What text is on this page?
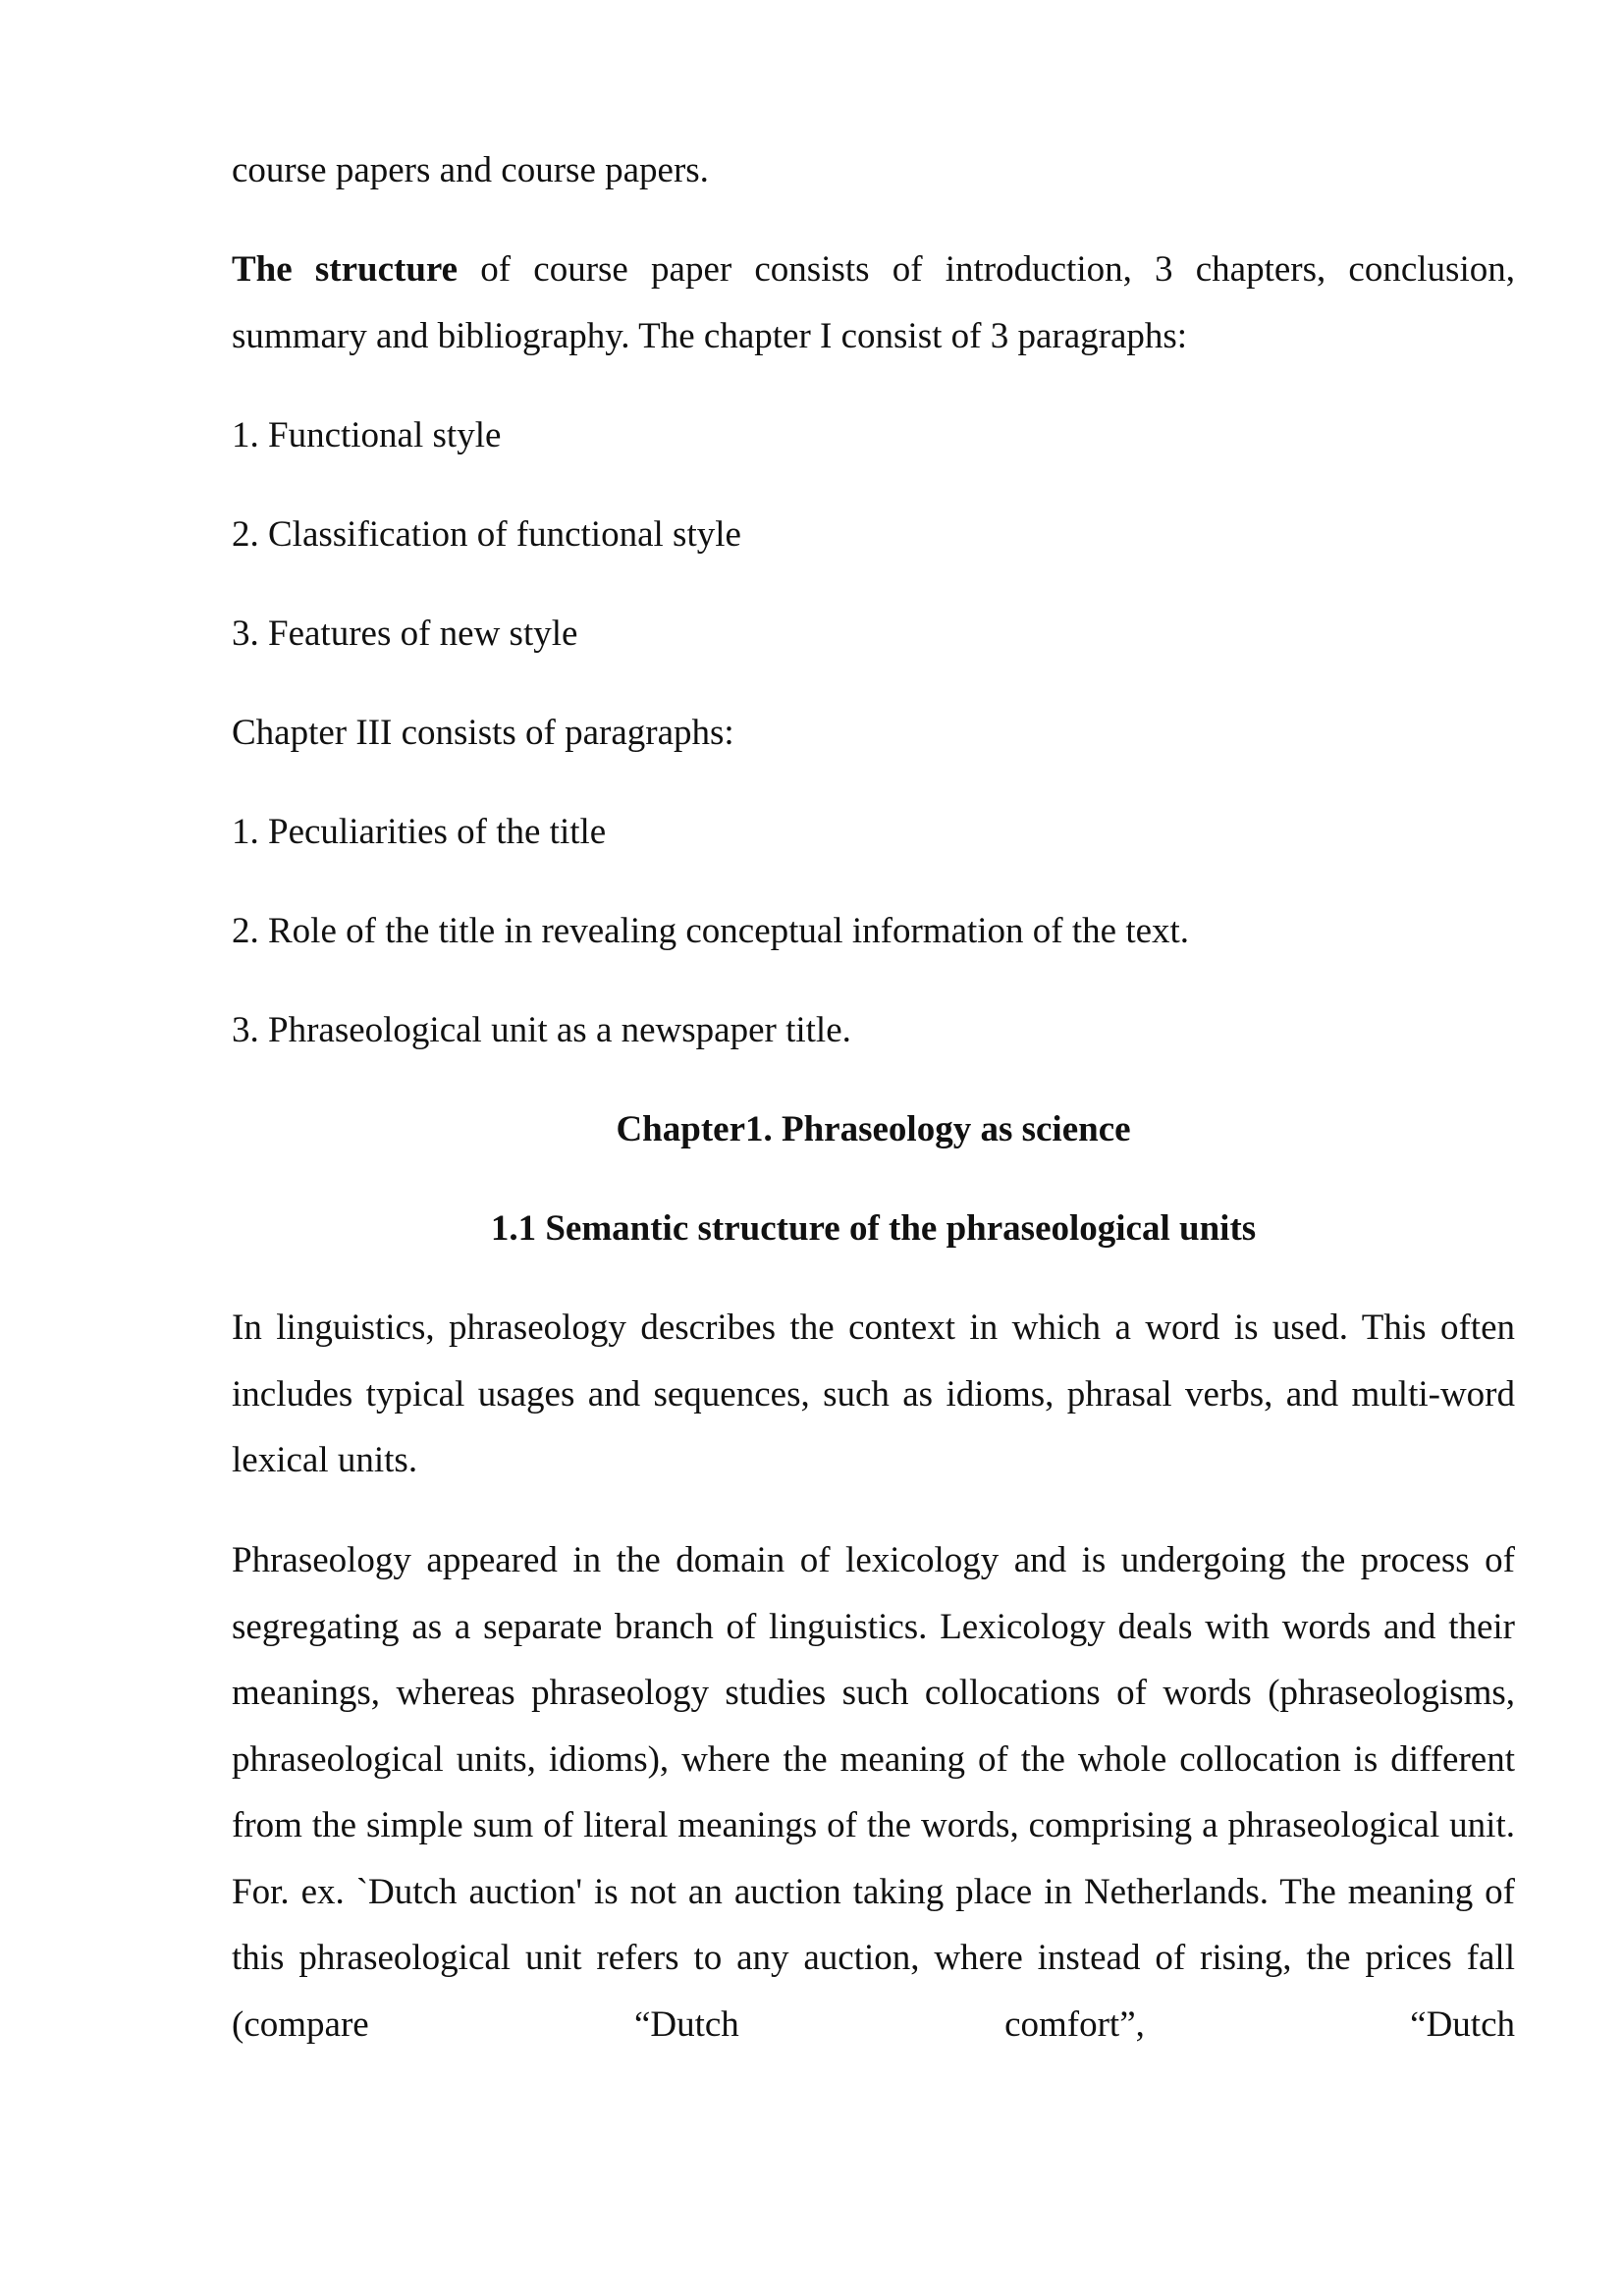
course papers and course papers.

The structure of course paper consists of introduction, 3 chapters, conclusion, summary and bibliography. The chapter I consist of 3 paragraphs:

1. Functional style

2. Classification of functional style

3. Features of new style

Chapter III consists of paragraphs:

1. Peculiarities of the title

2. Role of the title in revealing conceptual information of the text.

3. Phraseological unit as a newspaper title.

Chapter1. Phraseology as science

1.1 Semantic structure of the phraseological units

In linguistics, phraseology describes the context in which a word is used. This often includes typical usages and sequences, such as idioms, phrasal verbs, and multi-word lexical units.

Phraseology appeared in the domain of lexicology and is undergoing the process of segregating as a separate branch of linguistics. Lexicology deals with words and their meanings, whereas phraseology studies such collocations of words (phraseologisms, phraseological units, idioms), where the meaning of the whole collocation is different from the simple sum of literal meanings of the words, comprising a phraseological unit. For. ex. `Dutch auction' is not an auction taking place in Netherlands. The meaning of this phraseological unit refers to any auction, where instead of rising, the prices fall (compare “Dutch comfort”, “Dutch
